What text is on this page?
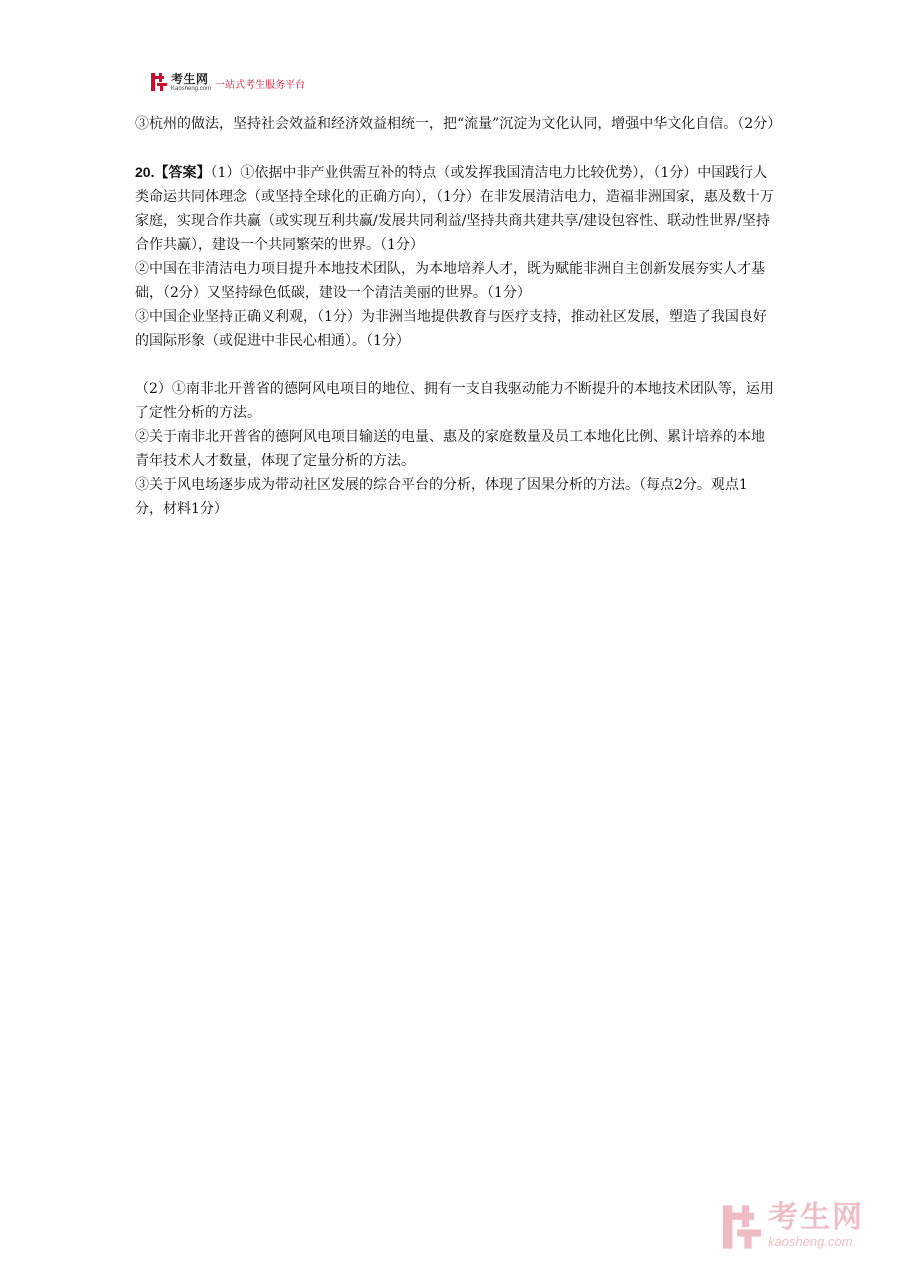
考生网
Kaosheng.com 一站式考生服务平台

③杭州的做法，坚持社会效益和经济效益相统一，把“流量”沉淀为文化认同，增强中华文化自信。（2分）

20.【答案】（1）①依据中非产业供需互补的特点（或发挥我国清洁电力比较优势），（1分）中国践行人类命运共同体理念（或坚持全球化的正确方向），（1分）在非发展清洁电力，造福非洲国家，惠及数十万家庭，实现合作共赢（或实现互利共赢/发展共同利益/坚持共商共建共享/建设包容性、联动性世界/坚持合作共赢），建设一个共同繁荣的世界。（1分）

②中国在非清洁电力项目提升本地技术团队，为本地培养人才，既为赋能非洲自主创新发展夯实人才基础，（2分）又坚持绿色低碳，建设一个清洁美丽的世界。（1分）

③中国企业坚持正确义利观，（1分）为非洲当地提供教育与医疗支持，推动社区发展，塑造了我国良好的国际形象（或促进中非民心相通）。（1分）

（2）①南非北开普省的德阿风电项目的地位、拥有一支自我驱动能力不断提升的本地技术团队等，运用了定性分析的方法。

②关于南非北开普省的德阿风电项目输送的电量、惠及的家庭数量及员工本地化比例、累计培养的本地青年技术人才数量，体现了定量分析的方法。

③关于风电场逐步成为带动社区发展的综合平台的分析，体现了因果分析的方法。（每点2分。观点1分，材料1分）

考生网
kaosheng.com
